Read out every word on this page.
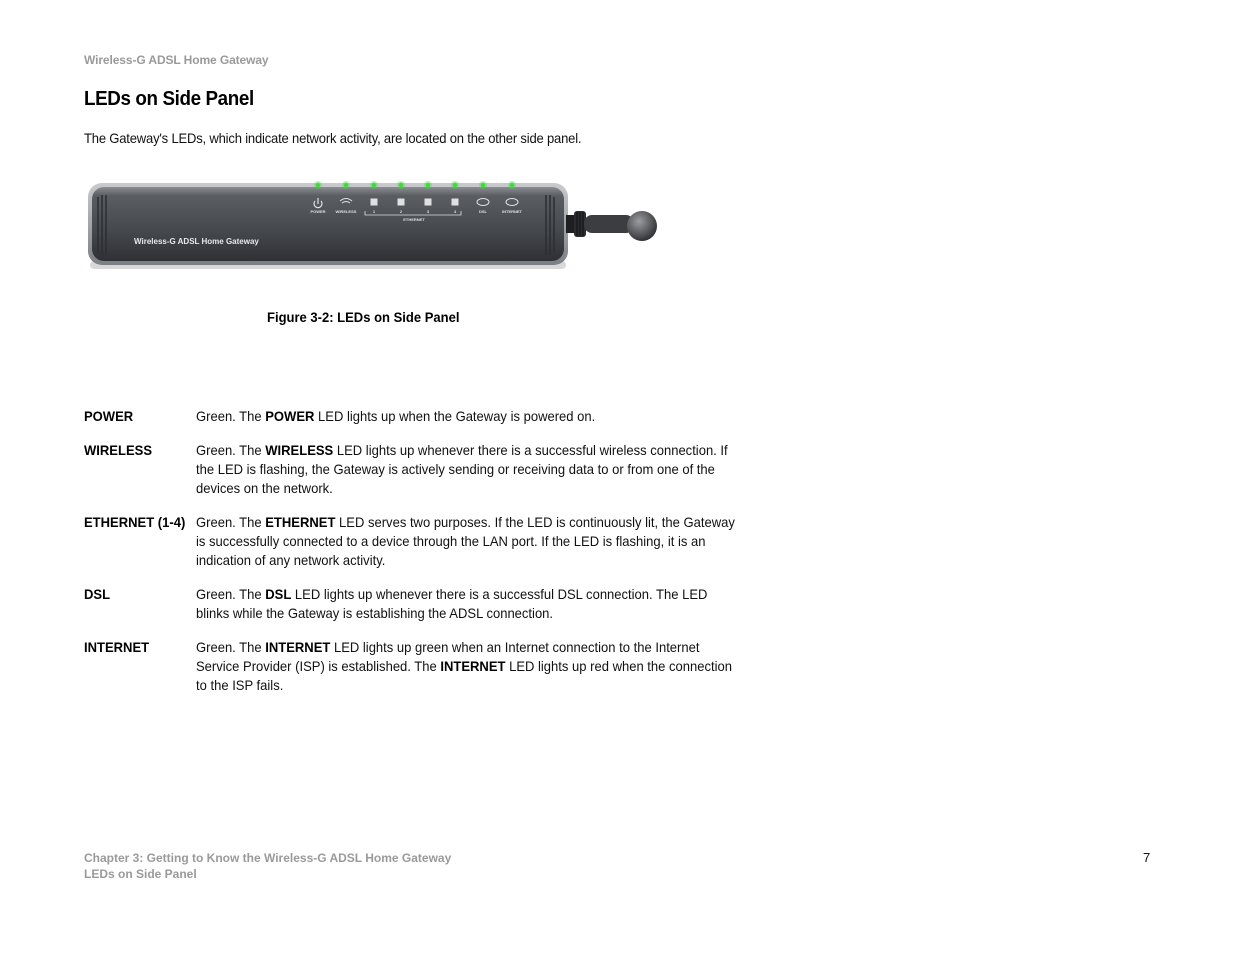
Wireless-G ADSL Home Gateway
LEDs on Side Panel

The Gateway's LEDs, which indicate network activity, are located on the other side panel.

POWER WIRELESS	1	2	3	4	DSL	INTERNET
ETHERNET
Wireless-G ADSL Home Gateway
Figure 3-2: LEDs on Side Panel
POWER	Green. The POWER LED lights up when the Gateway is powered on.
WIRELESS	Green. The WIRELESS LED lights up whenever there is a successful wireless connection. If the LED is flashing, the Gateway is actively sending or receiving data to or from one of the devices on the network.
ETHERNET (1-4) Green. The ETHERNET LED serves two purposes. If the LED is continuously lit, the Gateway is successfully connected to a device through the LAN port. If the LED is flashing, it is an indication of any network activity.
DSL	Green. The DSL LED lights up whenever there is a successful DSL connection. The LED blinks while the Gateway is establishing the ADSL connection.
INTERNET	Green. The INTERNET LED lights up green when an Internet connection to the Internet Service Provider (ISP) is established. The INTERNET LED lights up red when the connection to the ISP fails.
Chapter 3: Getting to Know the Wireless-G ADSL Home Gateway
LEDs on Side Panel
7
